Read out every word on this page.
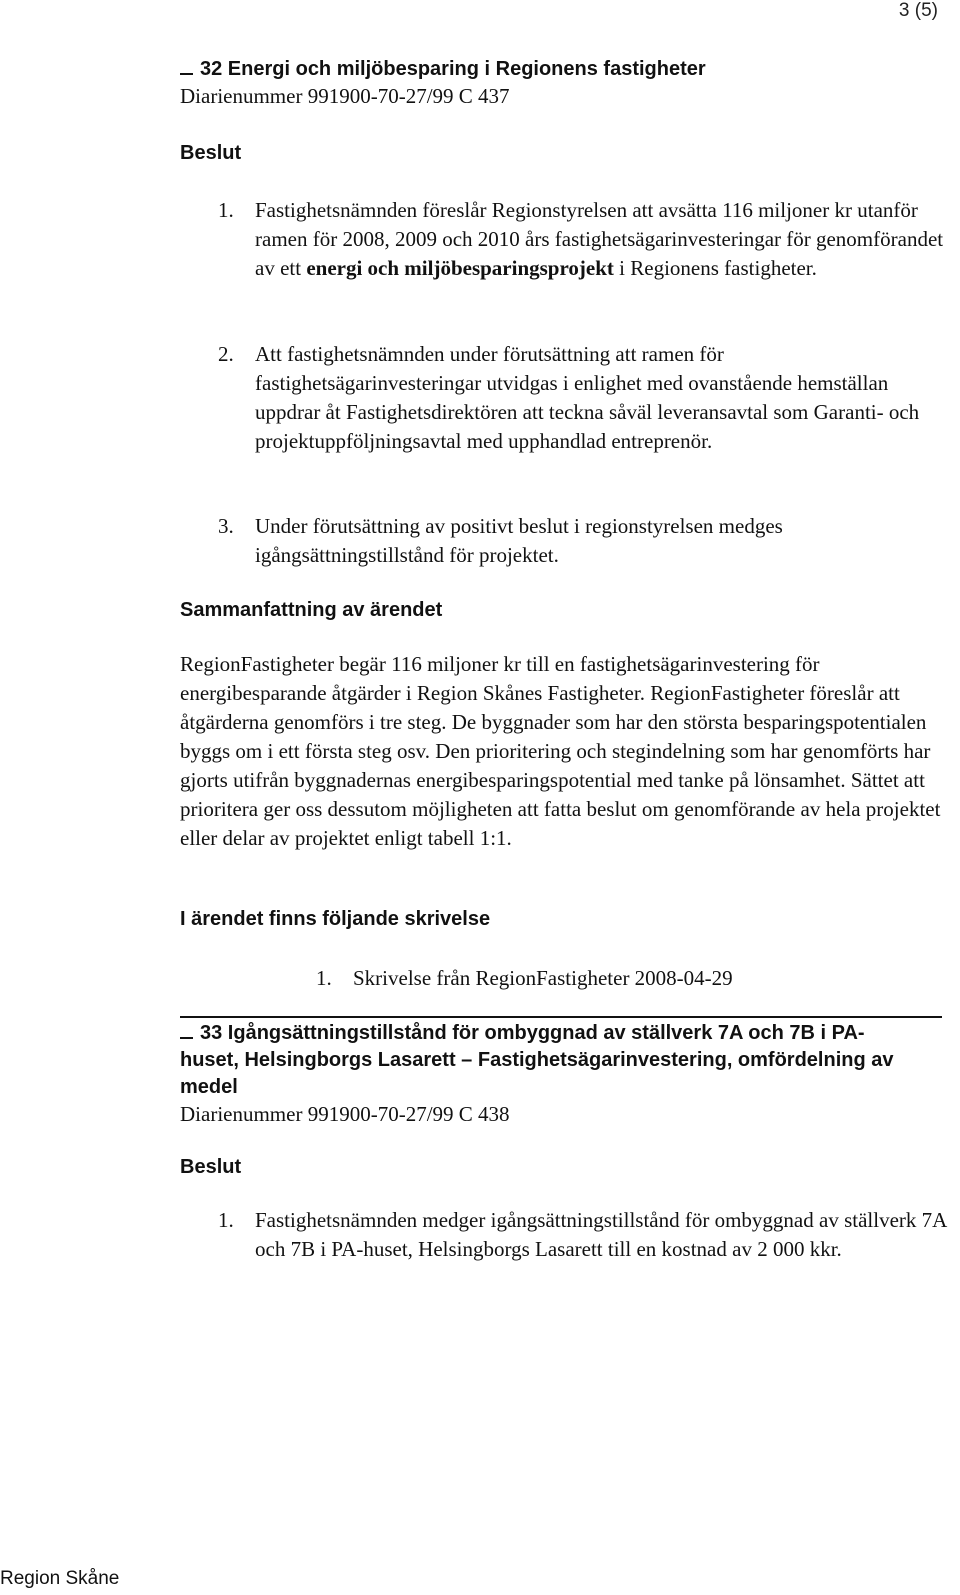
3 (5)
32 Energi och miljöbesparing i Regionens fastigheter
Diarienummer 991900-70-27/99 C 437
Beslut
1. Fastighetsnämnden föreslår Regionstyrelsen att avsätta 116 miljoner kr utanför ramen för 2008, 2009 och 2010 års fastighetsägarinvesteringar för genomförandet av ett energi och miljöbesparingsprojekt i Regionens fastigheter.
2. Att fastighetsnämnden under förutsättning att ramen för fastighetsägarinvesteringar utvidgas i enlighet med ovanstående hemställan uppdrar åt Fastighetsdirektören att teckna såväl leveransavtal som Garanti- och projektuppföljningsavtal med upphandlad entreprenör.
3. Under förutsättning av positivt beslut i regionstyrelsen medges igångsättningstillstånd för projektet.
Sammanfattning av ärendet
RegionFastigheter begär 116 miljoner kr till en fastighetsägarinvestering för energibesparande åtgärder i Region Skånes Fastigheter. RegionFastigheter föreslår att åtgärderna genomförs i tre steg. De byggnader som har den största besparingspotentialen byggs om i ett första steg osv. Den prioritering och stegindelning som har genomförts har gjorts utifrån byggnadernas energibesparingspotential med tanke på lönsamhet. Sättet att prioritera ger oss dessutom möjligheten att fatta beslut om genomförande av hela projektet eller delar av projektet enligt tabell 1:1.
I ärendet finns följande skrivelse
1. Skrivelse från RegionFastigheter 2008-04-29
33 Igångsättningstillstånd för ombyggnad av ställverk 7A och 7B i PA-huset, Helsingborgs Lasarett – Fastighetsägarinvestering, omfördelning av medel
Diarienummer 991900-70-27/99 C 438
Beslut
1. Fastighetsnämnden medger igångsättningstillstånd för ombyggnad av ställverk 7A och 7B i PA-huset, Helsingborgs Lasarett till en kostnad av 2 000 kkr.
Region Skåne
